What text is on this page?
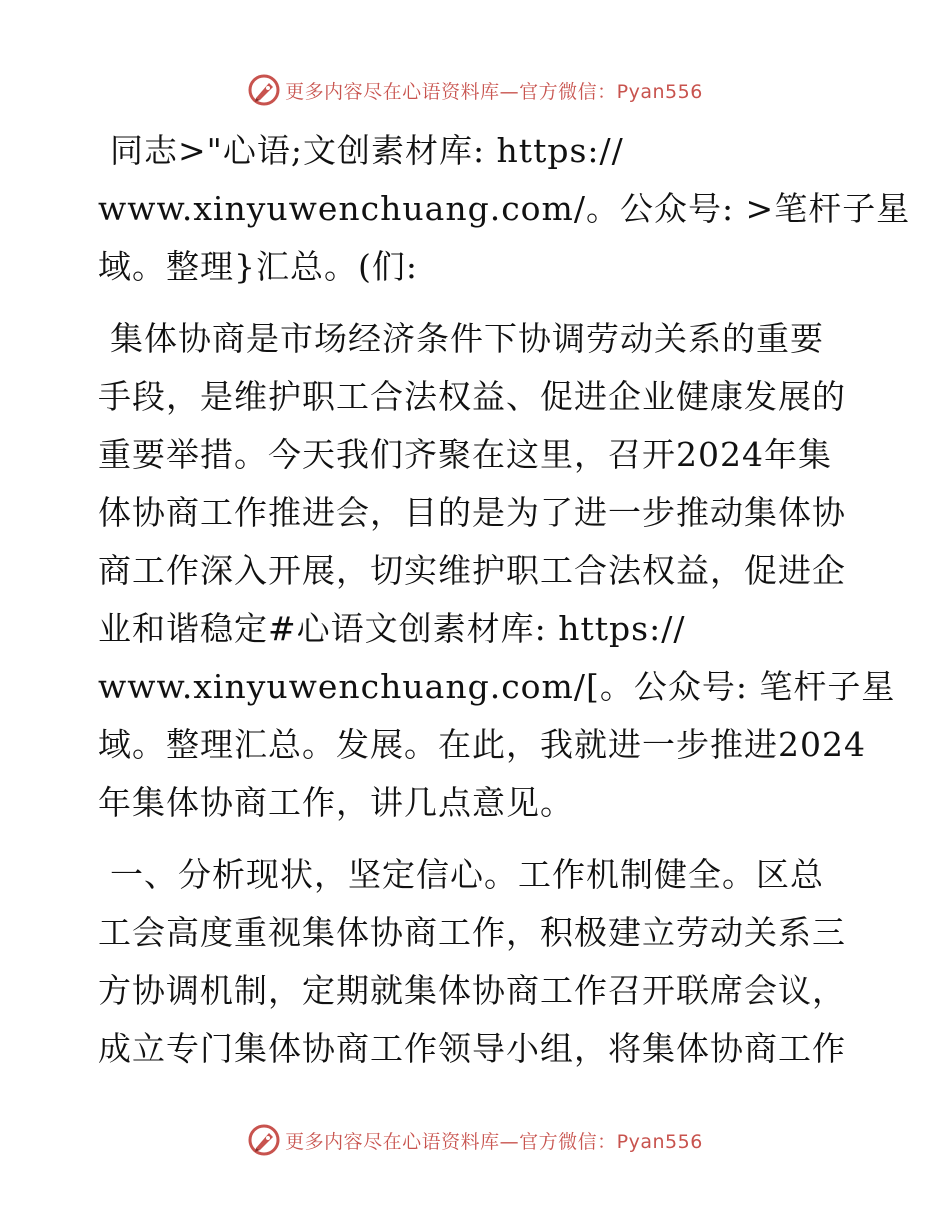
更多内容尽在心语资料库—官方微信：Pyan556
同志>"心语;文创素材库: https://
www.xinyuwenchuang.com/。公众号: >笔杆子星
域。整理}汇总。(们:
集体协商是市场经济条件下协调劳动关系的重要
手段，是维护职工合法权益、促进企业健康发展的
重要举措。今天我们齐聚在这里，召开2024年集
体协商工作推进会，目的是为了进一步推动集体协
商工作深入开展，切实维护职工合法权益，促进企
业和谐稳定#心语文创素材库: https://
www.xinyuwenchuang.com/[。公众号: 笔杆子星
域。整理汇总。发展。在此，我就进一步推进2024
年集体协商工作，讲几点意见。
一、分析现状，坚定信心。工作机制健全。区总
工会高度重视集体协商工作，积极建立劳动关系三
方协调机制，定期就集体协商工作召开联席会议，
成立专门集体协商工作领导小组，将集体协商工作
更多内容尽在心语资料库—官方微信：Pyan556
